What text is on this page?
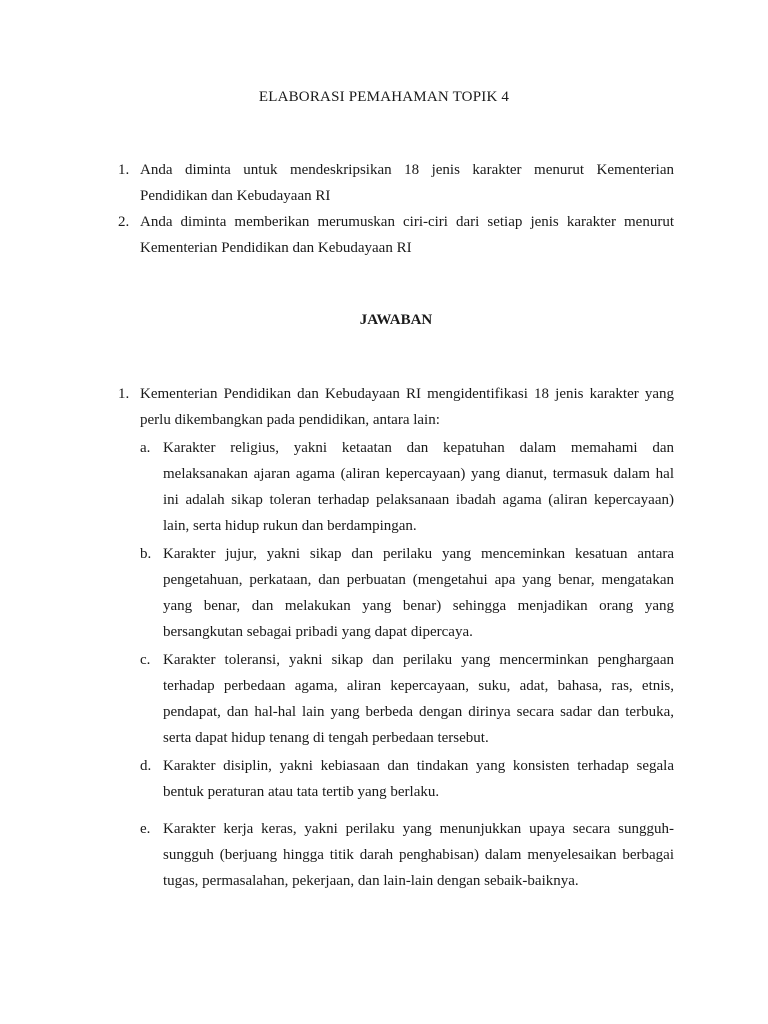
ELABORASI PEMAHAMAN TOPIK 4
1. Anda diminta untuk mendeskripsikan 18 jenis karakter menurut Kementerian Pendidikan dan Kebudayaan RI
2. Anda diminta memberikan merumuskan ciri-ciri dari setiap jenis karakter menurut Kementerian Pendidikan dan Kebudayaan RI
JAWABAN
1. Kementerian Pendidikan dan Kebudayaan RI mengidentifikasi 18 jenis karakter yang perlu dikembangkan pada pendidikan, antara lain:
a. Karakter religius, yakni ketaatan dan kepatuhan dalam memahami dan melaksanakan ajaran agama (aliran kepercayaan) yang dianut, termasuk dalam hal ini adalah sikap toleran terhadap pelaksanaan ibadah agama (aliran kepercayaan) lain, serta hidup rukun dan berdampingan.
b. Karakter jujur, yakni sikap dan perilaku yang menceminkan kesatuan antara pengetahuan, perkataan, dan perbuatan (mengetahui apa yang benar, mengatakan yang benar, dan melakukan yang benar) sehingga menjadikan orang yang bersangkutan sebagai pribadi yang dapat dipercaya.
c. Karakter toleransi, yakni sikap dan perilaku yang mencerminkan penghargaan terhadap perbedaan agama, aliran kepercayaan, suku, adat, bahasa, ras, etnis, pendapat, dan hal-hal lain yang berbeda dengan dirinya secara sadar dan terbuka, serta dapat hidup tenang di tengah perbedaan tersebut.
d. Karakter disiplin, yakni kebiasaan dan tindakan yang konsisten terhadap segala bentuk peraturan atau tata tertib yang berlaku.
e. Karakter kerja keras, yakni perilaku yang menunjukkan upaya secara sungguh-sungguh (berjuang hingga titik darah penghabisan) dalam menyelesaikan berbagai tugas, permasalahan, pekerjaan, dan lain-lain dengan sebaik-baiknya.
